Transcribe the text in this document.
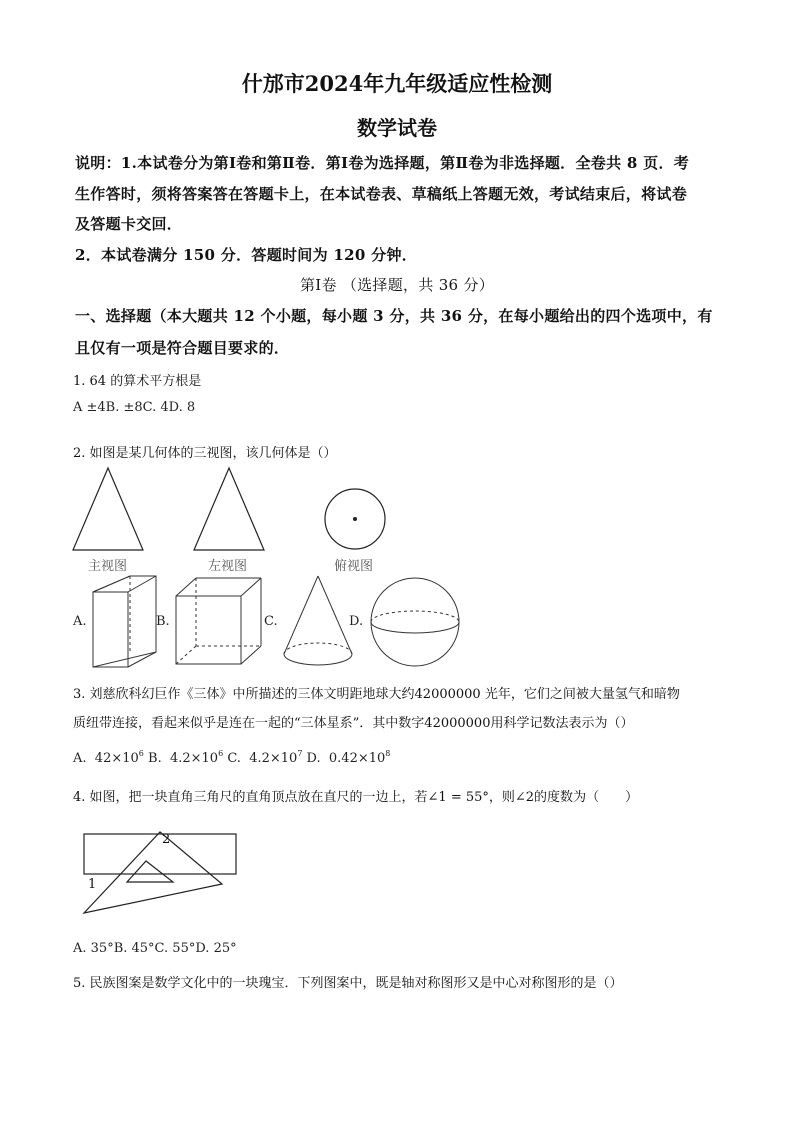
什邡市2024年九年级适应性检测
数学试卷
说明：1.本试卷分为第Ⅰ卷和第Ⅱ卷．第Ⅰ卷为选择题，第Ⅱ卷为非选择题．全卷共 8 页．考
生作答时，须将答案答在答题卡上，在本试卷表、草稿纸上答题无效，考试结束后，将试卷
及答题卡交回．
2．本试卷满分 150 分．答题时间为 120 分钟．
第Ⅰ卷 （选择题，共 36 分）
一、选择题（本大题共 12 个小题，每小题 3 分，共 36 分，在每小题给出的四个选项中，有
且仅有一项是符合题目要求的．
1. 64 的算术平方根是
A ±4B. ±8C. 4D. 8
2. 如图是某几何体的三视图，该几何体是（）
主视图	左视图	俯视图
A.	B.	C.	D.
3. 刘慈欣科幻巨作《三体》中所描述的三体文明距地球大约42000000 光年，它们之间被大量氢气和暗物
质纽带连接，看起来似乎是连在一起的“三体星系”．其中数字42000000用科学记数法表示为（）
A. $42\times 10^6$ B. $4.2\times 10^6$ C. $4.2\times 10^7$ D. $0.42\times 10^8$
4. 如图，把一块直角三角尺的直角顶点放在直尺的一边上，若∠1 = 55°，则∠2的度数为（　　）
1
2
A. 35°B. 45°C. 55°D. 25°
5. 民族图案是数学文化中的一块瑰宝．下列图案中，既是轴对称图形又是中心对称图形的是（）
